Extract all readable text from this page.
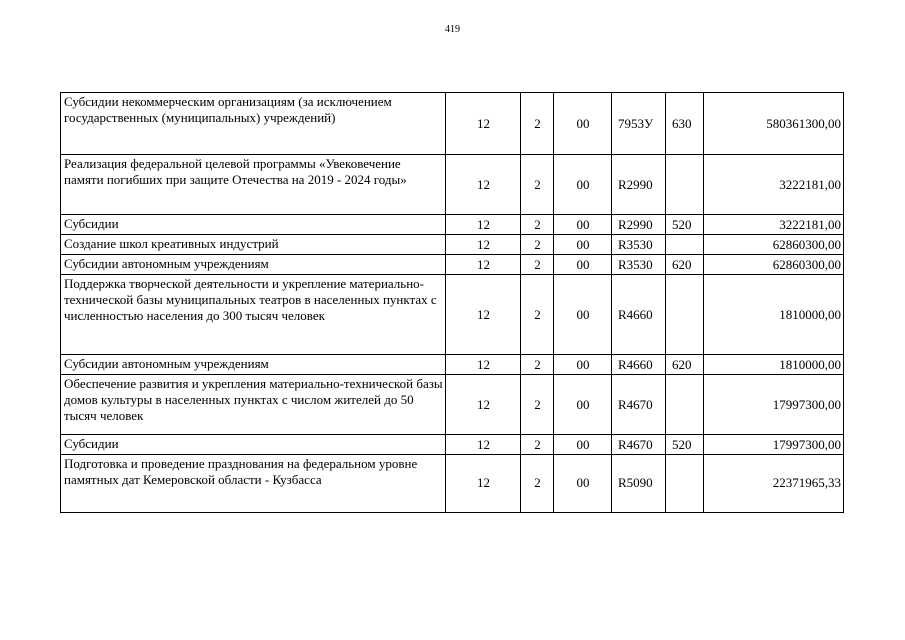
419
Субсидии некоммерческим организациям (за исключением государственных (муниципальных) учреждений)	12	2	00	7953У	630	580361300,00
Реализация федеральной целевой программы «Увековечение памяти погибших при защите Отечества на 2019 - 2024 годы»	12	2	00	R2990		3222181,00
Субсидии	12	2	00	R2990	520	3222181,00
Создание школ креативных индустрий	12	2	00	R3530		62860300,00
Субсидии автономным учреждениям	12	2	00	R3530	620	62860300,00
Поддержка творческой деятельности и укрепление материально-технической базы муниципальных театров в населенных пунктах с численностью населения до 300 тысяч человек	12	2	00	R4660		1810000,00
Субсидии автономным учреждениям	12	2	00	R4660	620	1810000,00
Обеспечение развития и укрепления материально-технической базы домов культуры в населенных пунктах с числом жителей до 50 тысяч человек	12	2	00	R4670		17997300,00
Субсидии	12	2	00	R4670	520	17997300,00
Подготовка и проведение празднования на федеральном уровне памятных дат Кемеровской области - Кузбасса	12	2	00	R5090		22371965,33
